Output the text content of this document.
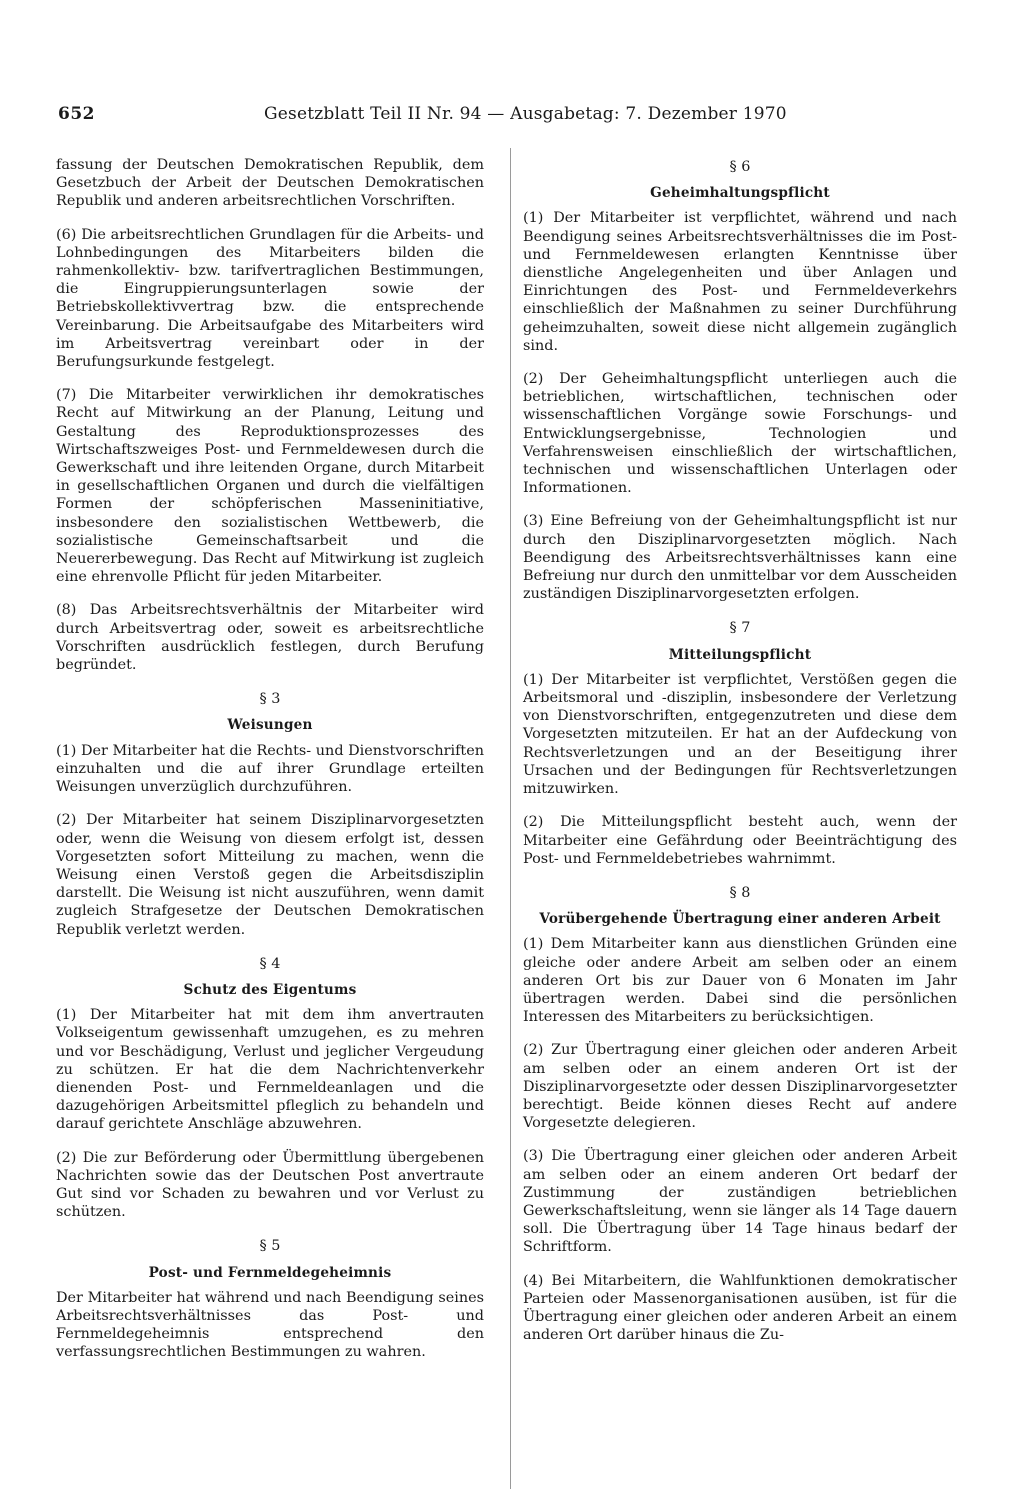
652	Gesetzblatt Teil II Nr. 94 — Ausgabetag: 7. Dezember 1970

fassung der Deutschen Demokratischen Republik, dem Gesetzbuch der Arbeit der Deutschen Demokratischen Republik und anderen arbeitsrechtlichen Vorschriften.

(6) Die arbeitsrechtlichen Grundlagen für die Arbeits- und Lohnbedingungen des Mitarbeiters bilden die rahmenkollektiv- bzw. tarifvertraglichen Bestimmungen, die Eingruppierungsunterlagen sowie der Betriebskollektivvertrag bzw. die entsprechende Vereinbarung. Die Arbeitsaufgabe des Mitarbeiters wird im Arbeitsvertrag vereinbart oder in der Berufungsurkunde festgelegt.

(7) Die Mitarbeiter verwirklichen ihr demokratisches Recht auf Mitwirkung an der Planung, Leitung und Gestaltung des Reproduktionsprozesses des Wirtschaftszweiges Post- und Fernmeldewesen durch die Gewerkschaft und ihre leitenden Organe, durch Mitarbeit in gesellschaftlichen Organen und durch die vielfältigen Formen der schöpferischen Masseninitiative, insbesondere den sozialistischen Wettbewerb, die sozialistische Gemeinschaftsarbeit und die Neuererbewegung. Das Recht auf Mitwirkung ist zugleich eine ehrenvolle Pflicht für jeden Mitarbeiter.

(8) Das Arbeitsrechtsverhältnis der Mitarbeiter wird durch Arbeitsvertrag oder, soweit es arbeitsrechtliche Vorschriften ausdrücklich festlegen, durch Berufung begründet.

§ 3
Weisungen

(1) Der Mitarbeiter hat die Rechts- und Dienstvorschriften einzuhalten und die auf ihrer Grundlage erteilten Weisungen unverzüglich durchzuführen.

(2) Der Mitarbeiter hat seinem Disziplinarvorgesetzten oder, wenn die Weisung von diesem erfolgt ist, dessen Vorgesetzten sofort Mitteilung zu machen, wenn die Weisung einen Verstoß gegen die Arbeitsdisziplin darstellt. Die Weisung ist nicht auszuführen, wenn damit zugleich Strafgesetze der Deutschen Demokratischen Republik verletzt werden.

§ 4
Schutz des Eigentums

(1) Der Mitarbeiter hat mit dem ihm anvertrauten Volkseigentum gewissenhaft umzugehen, es zu mehren und vor Beschädigung, Verlust und jeglicher Vergeudung zu schützen. Er hat die dem Nachrichtenverkehr dienenden Post- und Fernmeldeanlagen und die dazugehörigen Arbeitsmittel pfleglich zu behandeln und darauf gerichtete Anschläge abzuwehren.

(2) Die zur Beförderung oder Übermittlung übergebenen Nachrichten sowie das der Deutschen Post anvertraute Gut sind vor Schaden zu bewahren und vor Verlust zu schützen.

§ 5
Post- und Fernmeldegeheimnis

Der Mitarbeiter hat während und nach Beendigung seines Arbeitsrechtsverhältnisses das Post- und Fernmeldegeheimnis entsprechend den verfassungsrechtlichen Bestimmungen zu wahren.

§ 6
Geheimhaltungspflicht

(1) Der Mitarbeiter ist verpflichtet, während und nach Beendigung seines Arbeitsrechtsverhältnisses die im Post- und Fernmeldewesen erlangten Kenntnisse über dienstliche Angelegenheiten und über Anlagen und Einrichtungen des Post- und Fernmeldeverkehrs einschließlich der Maßnahmen zu seiner Durchführung geheimzuhalten, soweit diese nicht allgemein zugänglich sind.

(2) Der Geheimhaltungspflicht unterliegen auch die betrieblichen, wirtschaftlichen, technischen oder wissenschaftlichen Vorgänge sowie Forschungs- und Entwicklungsergebnisse, Technologien und Verfahrensweisen einschließlich der wirtschaftlichen, technischen und wissenschaftlichen Unterlagen oder Informationen.

(3) Eine Befreiung von der Geheimhaltungspflicht ist nur durch den Disziplinarvorgesetzten möglich. Nach Beendigung des Arbeitsrechtsverhältnisses kann eine Befreiung nur durch den unmittelbar vor dem Ausscheiden zuständigen Disziplinarvorgesetzten erfolgen.

§ 7
Mitteilungspflicht

(1) Der Mitarbeiter ist verpflichtet, Verstößen gegen die Arbeitsmoral und -disziplin, insbesondere der Verletzung von Dienstvorschriften, entgegenzutreten und diese dem Vorgesetzten mitzuteilen. Er hat an der Aufdeckung von Rechtsverletzungen und an der Beseitigung ihrer Ursachen und der Bedingungen für Rechtsverletzungen mitzuwirken.

(2) Die Mitteilungspflicht besteht auch, wenn der Mitarbeiter eine Gefährdung oder Beeinträchtigung des Post- und Fernmeldebetriebes wahrnimmt.

§ 8
Vorübergehende Übertragung einer anderen Arbeit

(1) Dem Mitarbeiter kann aus dienstlichen Gründen eine gleiche oder andere Arbeit am selben oder an einem anderen Ort bis zur Dauer von 6 Monaten im Jahr übertragen werden. Dabei sind die persönlichen Interessen des Mitarbeiters zu berücksichtigen.

(2) Zur Übertragung einer gleichen oder anderen Arbeit am selben oder an einem anderen Ort ist der Disziplinarvorgesetzte oder dessen Disziplinarvorgesetzter berechtigt. Beide können dieses Recht auf andere Vorgesetzte delegieren.

(3) Die Übertragung einer gleichen oder anderen Arbeit am selben oder an einem anderen Ort bedarf der Zustimmung der zuständigen betrieblichen Gewerkschaftsleitung, wenn sie länger als 14 Tage dauern soll. Die Übertragung über 14 Tage hinaus bedarf der Schriftform.

(4) Bei Mitarbeitern, die Wahlfunktionen demokratischer Parteien oder Massenorganisationen ausüben, ist für die Übertragung einer gleichen oder anderen Arbeit an einem anderen Ort darüber hinaus die Zu-
